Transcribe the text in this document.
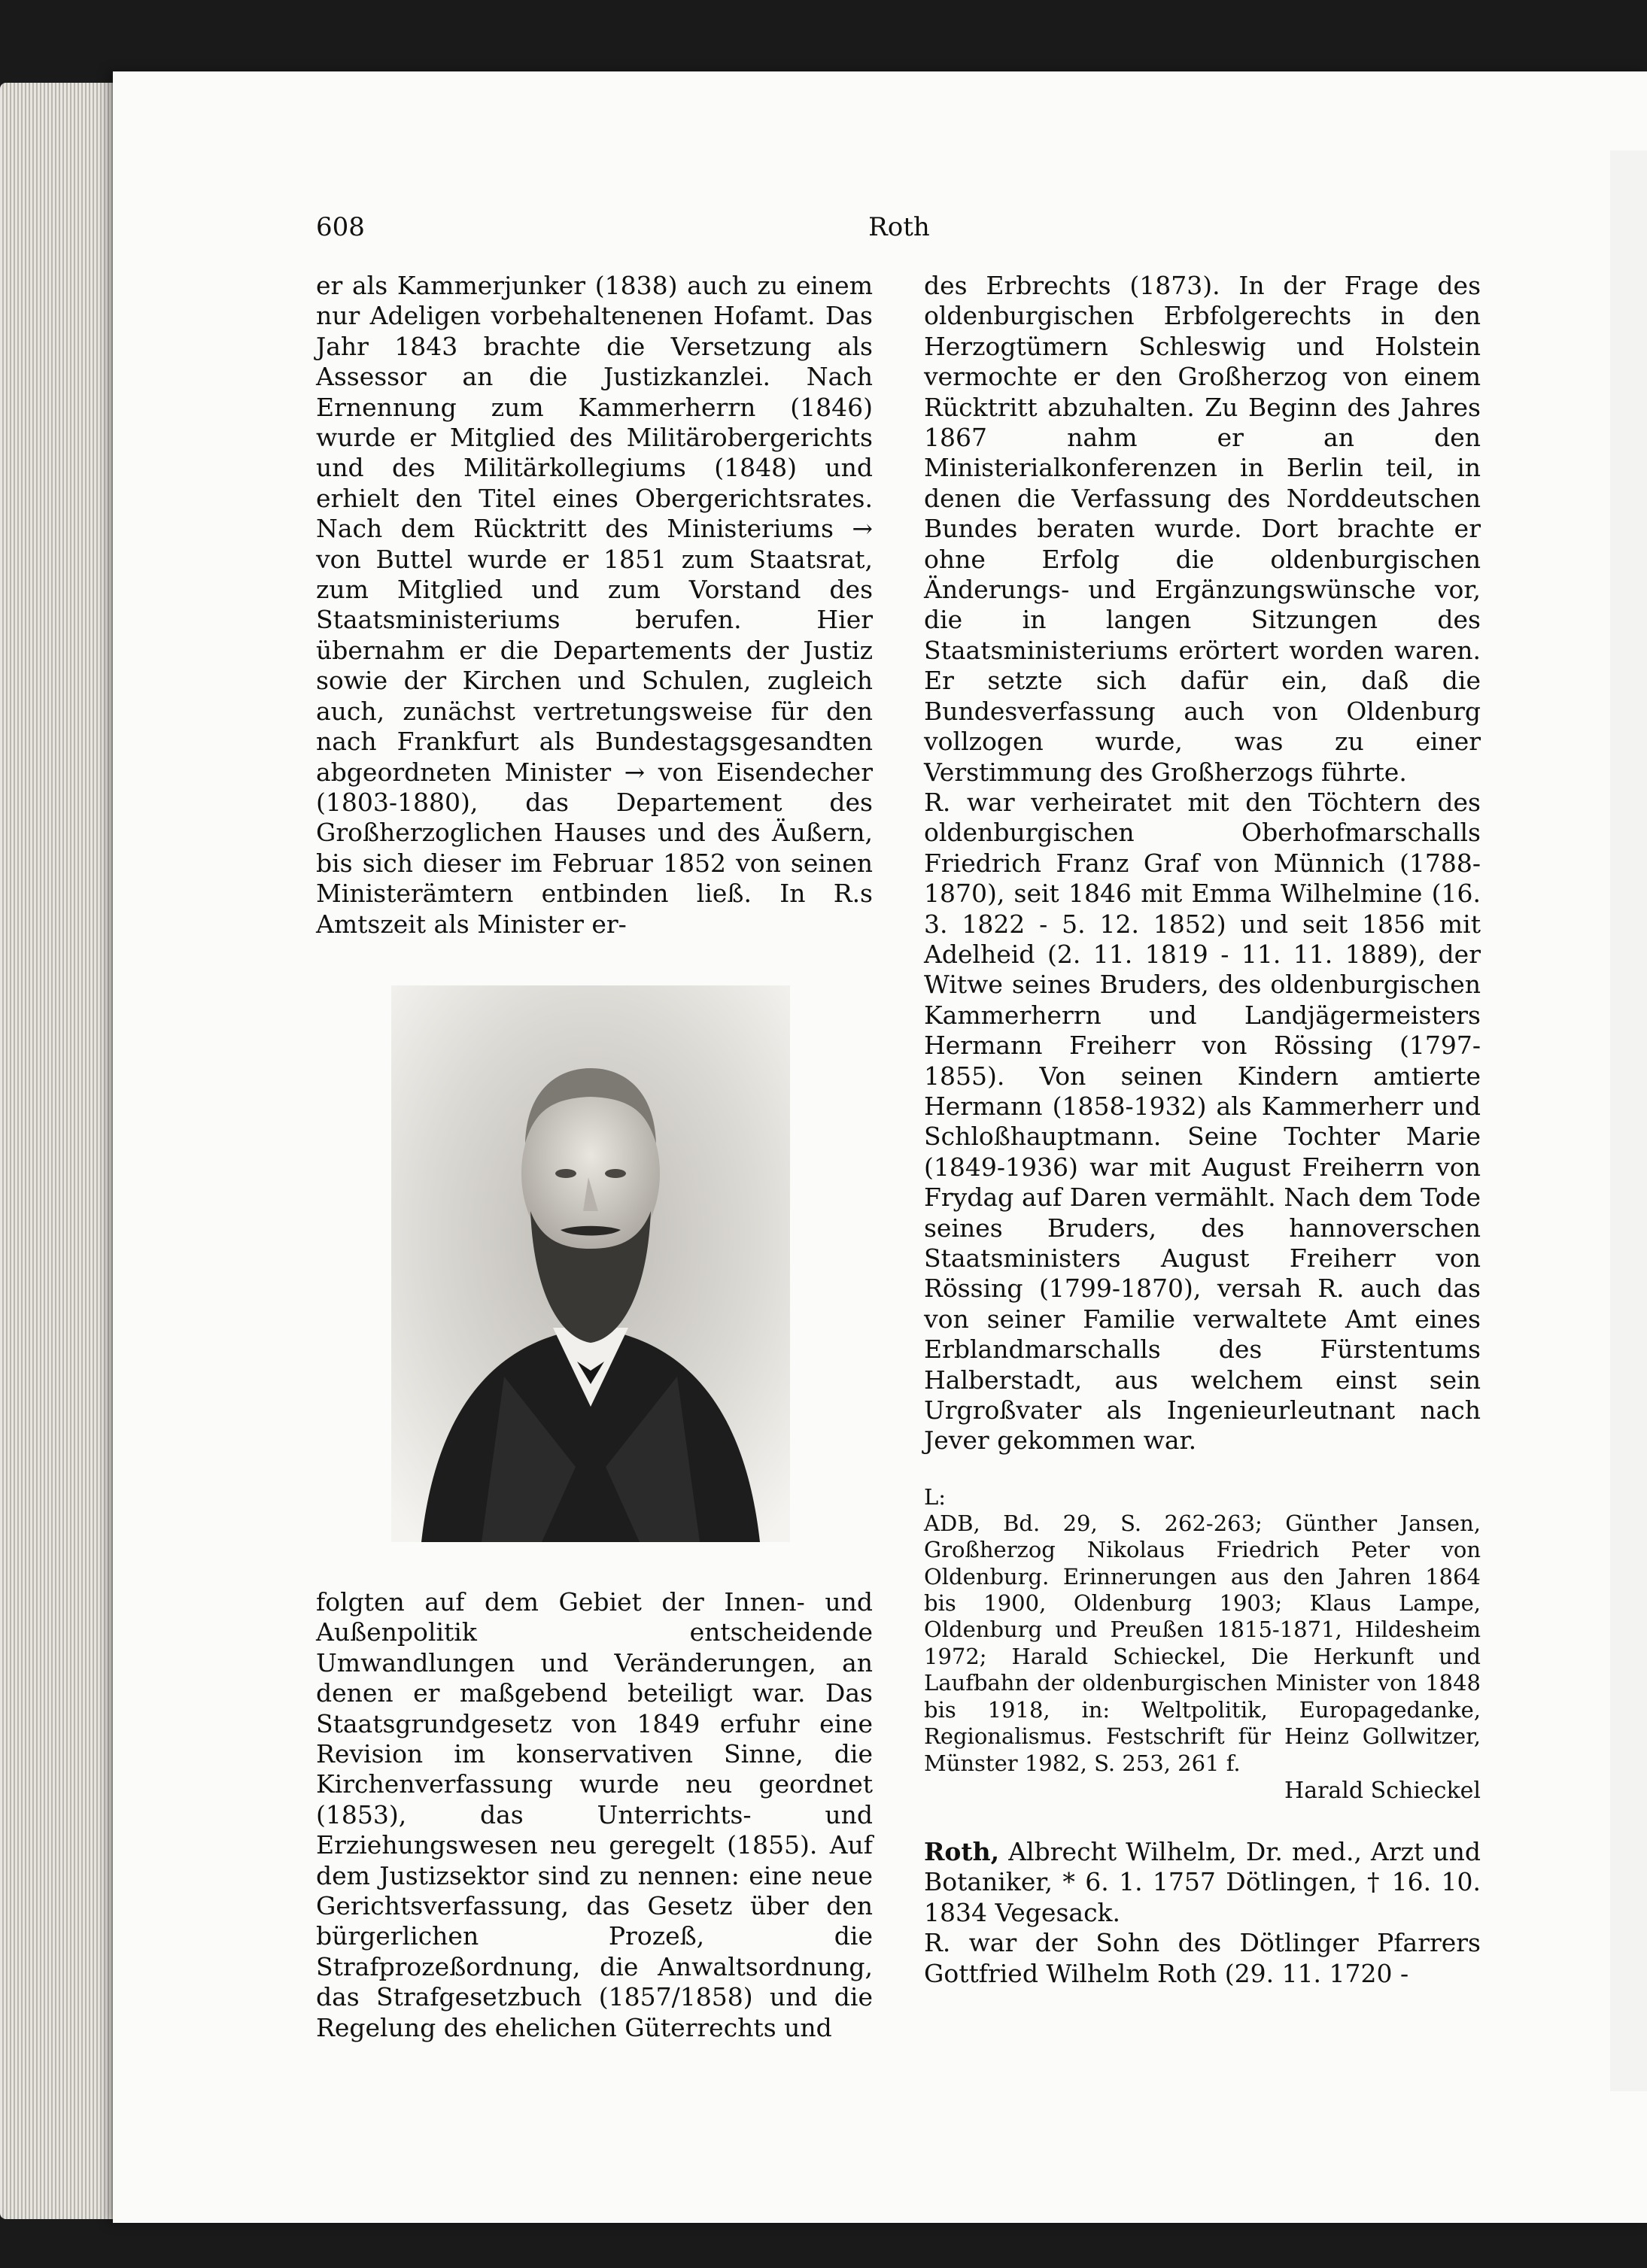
Roth
608

er als Kammerjunker (1838) auch zu einem nur Adeligen vorbehaltenenen Hofamt. Das Jahr 1843 brachte die Versetzung als Assessor an die Justizkanzlei. Nach Ernennung zum Kammerherrn (1846) wurde er Mitglied des Militärobergerichts und des Militärkollegiums (1848) und erhielt den Titel eines Obergerichtsrates. Nach dem Rücktritt des Ministeriums → von Buttel wurde er 1851 zum Staatsrat, zum Mitglied und zum Vorstand des Staatsministeriums berufen. Hier übernahm er die Departements der Justiz sowie der Kirchen und Schulen, zugleich auch, zunächst vertretungsweise für den nach Frankfurt als Bundestagsgesandten abgeordneten Minister → von Eisendecher (1803-1880), das Departement des Großherzoglichen Hauses und des Äußern, bis sich dieser im Februar 1852 von seinen Ministerämtern entbinden ließ. In R.s Amtszeit als Minister er-

folgten auf dem Gebiet der Innen- und Außenpolitik entscheidende Umwandlungen und Veränderungen, an denen er maßgebend beteiligt war. Das Staatsgrundgesetz von 1849 erfuhr eine Revision im konservativen Sinne, die Kirchenverfassung wurde neu geordnet (1853), das Unterrichts- und Erziehungswesen neu geregelt (1855). Auf dem Justizsektor sind zu nennen: eine neue Gerichtsverfassung, das Gesetz über den bürgerlichen Prozeß, die Strafprozeßordnung, die Anwaltsordnung, das Strafgesetzbuch (1857/1858) und die Regelung des ehelichen Güterrechts und

des Erbrechts (1873). In der Frage des oldenburgischen Erbfolgerechts in den Herzogtümern Schleswig und Holstein vermochte er den Großherzog von einem Rücktritt abzuhalten. Zu Beginn des Jahres 1867 nahm er an den Ministerialkonferenzen in Berlin teil, in denen die Verfassung des Norddeutschen Bundes beraten wurde. Dort brachte er ohne Erfolg die oldenburgischen Änderungs- und Ergänzungswünsche vor, die in langen Sitzungen des Staatsministeriums erörtert worden waren. Er setzte sich dafür ein, daß die Bundesverfassung auch von Oldenburg vollzogen wurde, was zu einer Verstimmung des Großherzogs führte.

R. war verheiratet mit den Töchtern des oldenburgischen Oberhofmarschalls Friedrich Franz Graf von Münnich (1788-1870), seit 1846 mit Emma Wilhelmine (16. 3. 1822 - 5. 12. 1852) und seit 1856 mit Adelheid (2. 11. 1819 - 11. 11. 1889), der Witwe seines Bruders, des oldenburgischen Kammerherrn und Landjägermeisters Hermann Freiherr von Rössing (1797-1855). Von seinen Kindern amtierte Hermann (1858-1932) als Kammerherr und Schloßhauptmann. Seine Tochter Marie (1849-1936) war mit August Freiherrn von Frydag auf Daren vermählt. Nach dem Tode seines Bruders, des hannoverschen Staatsministers August Freiherr von Rössing (1799-1870), versah R. auch das von seiner Familie verwaltete Amt eines Erblandmarschalls des Fürstentums Halberstadt, aus welchem einst sein Urgroßvater als Ingenieurleutnant nach Jever gekommen war.

L:

ADB, Bd. 29, S. 262-263; Günther Jansen, Großherzog Nikolaus Friedrich Peter von Oldenburg. Erinnerungen aus den Jahren 1864 bis 1900, Oldenburg 1903; Klaus Lampe, Oldenburg und Preußen 1815-1871, Hildesheim 1972; Harald Schieckel, Die Herkunft und Laufbahn der oldenburgischen Minister von 1848 bis 1918, in: Weltpolitik, Europagedanke, Regionalismus. Festschrift für Heinz Gollwitzer, Münster 1982, S. 253, 261 f.

Harald Schieckel

Roth, Albrecht Wilhelm, Dr. med., Arzt und Botaniker, * 6. 1. 1757 Dötlingen, † 16. 10. 1834 Vegesack.

R. war der Sohn des Dötlinger Pfarrers Gottfried Wilhelm Roth (29. 11. 1720 -
